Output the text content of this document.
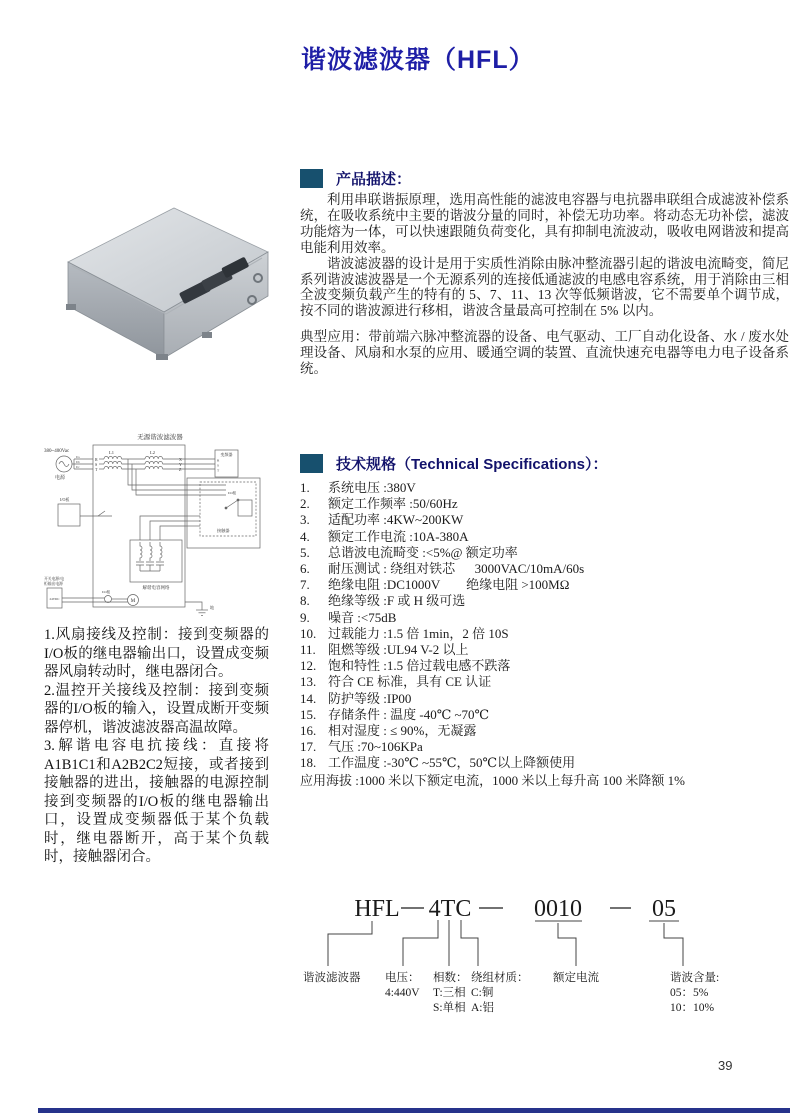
谐波滤波器（HFL）
产品描述：

利用串联谐振原理，选用高性能的滤波电容器与电抗器串联组合成滤波补偿系统，在吸收系统中主要的谐波分量的同时，补偿无功功率。将动态无功补偿，滤波功能熔为一体，可以快速跟随负荷变化，具有抑制电流波动，吸收电网谐波和提高电能利用效率。

谐波滤波器的设计是用于实质性消除由脉冲整流器引起的谐波电流畸变，简尼系列谐波滤波器是一个无源系列的连接低通滤波的电感电容系统，用于消除由三相全波变频负载产生的特有的 5、7、11、13 次等低频谐波，它不需要单个调节成，按不同的谐波源进行移相，谐波含量最高可控制在 5% 以内。

典型应用：带前端六脉冲整流器的设备、电气驱动、工厂自动化设备、水 / 废水处理设备、风扇和水泵的应用、暖通空调的装置、直流快速充电器等电力电子设备系统。

无源谐波滤波器
380~400Vac
电源
Ua
Ub
Uc
R
S
T
L1	L2
X
Y
Z
变频器
R
S
T
I/O板
接触器
解谐电容网络
I/O板
开关电源/电
柜输出电源
24VDC
I/O板
M
地
技术规格（Technical Specifications）：
系统电压 :380V
额定工作频率 :50/60Hz
适配功率 :4KW~200KW
额定工作电流 :10A-380A
总谐波电流畸变 :<5%@ 额定功率
耐压测试 : 绕组对铁芯      3000VAC/10mA/60s
绝缘电阻 :DC1000V        绝缘电阻 >100MΩ
绝缘等级 :F 或 H 级可选
噪音 :<75dB
过载能力 :1.5 倍 1min，2 倍 10S
阻燃等级 :UL94 V-2 以上
饱和特性 :1.5 倍过载电感不跌落
符合 CE 标准，具有 CE 认证
防护等级 :IP00
存储条件 : 温度 -40℃ ~70℃
相对湿度 : ≤ 90%，无凝露
气压 :70~106KPa
工作温度 :-30℃ ~55℃，50℃以上降额使用
应用海拔 :1000 米以下额定电流，1000 米以上每升高 100 米降额 1%

1.风扇接线及控制：接到变频器的I/O板的继电器输出口，设置成变频器风扇转动时，继电器闭合。

2.温控开关接线及控制：接到变频器的I/O板的输入，设置成断开变频器停机，谐波滤波器高温故障。

3.解谐电容电抗接线：直接将A1B1C1和A2B2C2短接，或者接到接触器的进出，接触器的电源控制接到变频器的I/O板的继电器输出口，设置成变频器低于某个负载时，继电器断开，高于某个负载时，接触器闭合。

HFL 4TC	0010	05
谐波滤波器 电压：
4:440V
相数：
T:三相
S:单相
绕组材质：
C:铜
A:铝
额定电流	谐波含量:
05：5%
10：10%
39
